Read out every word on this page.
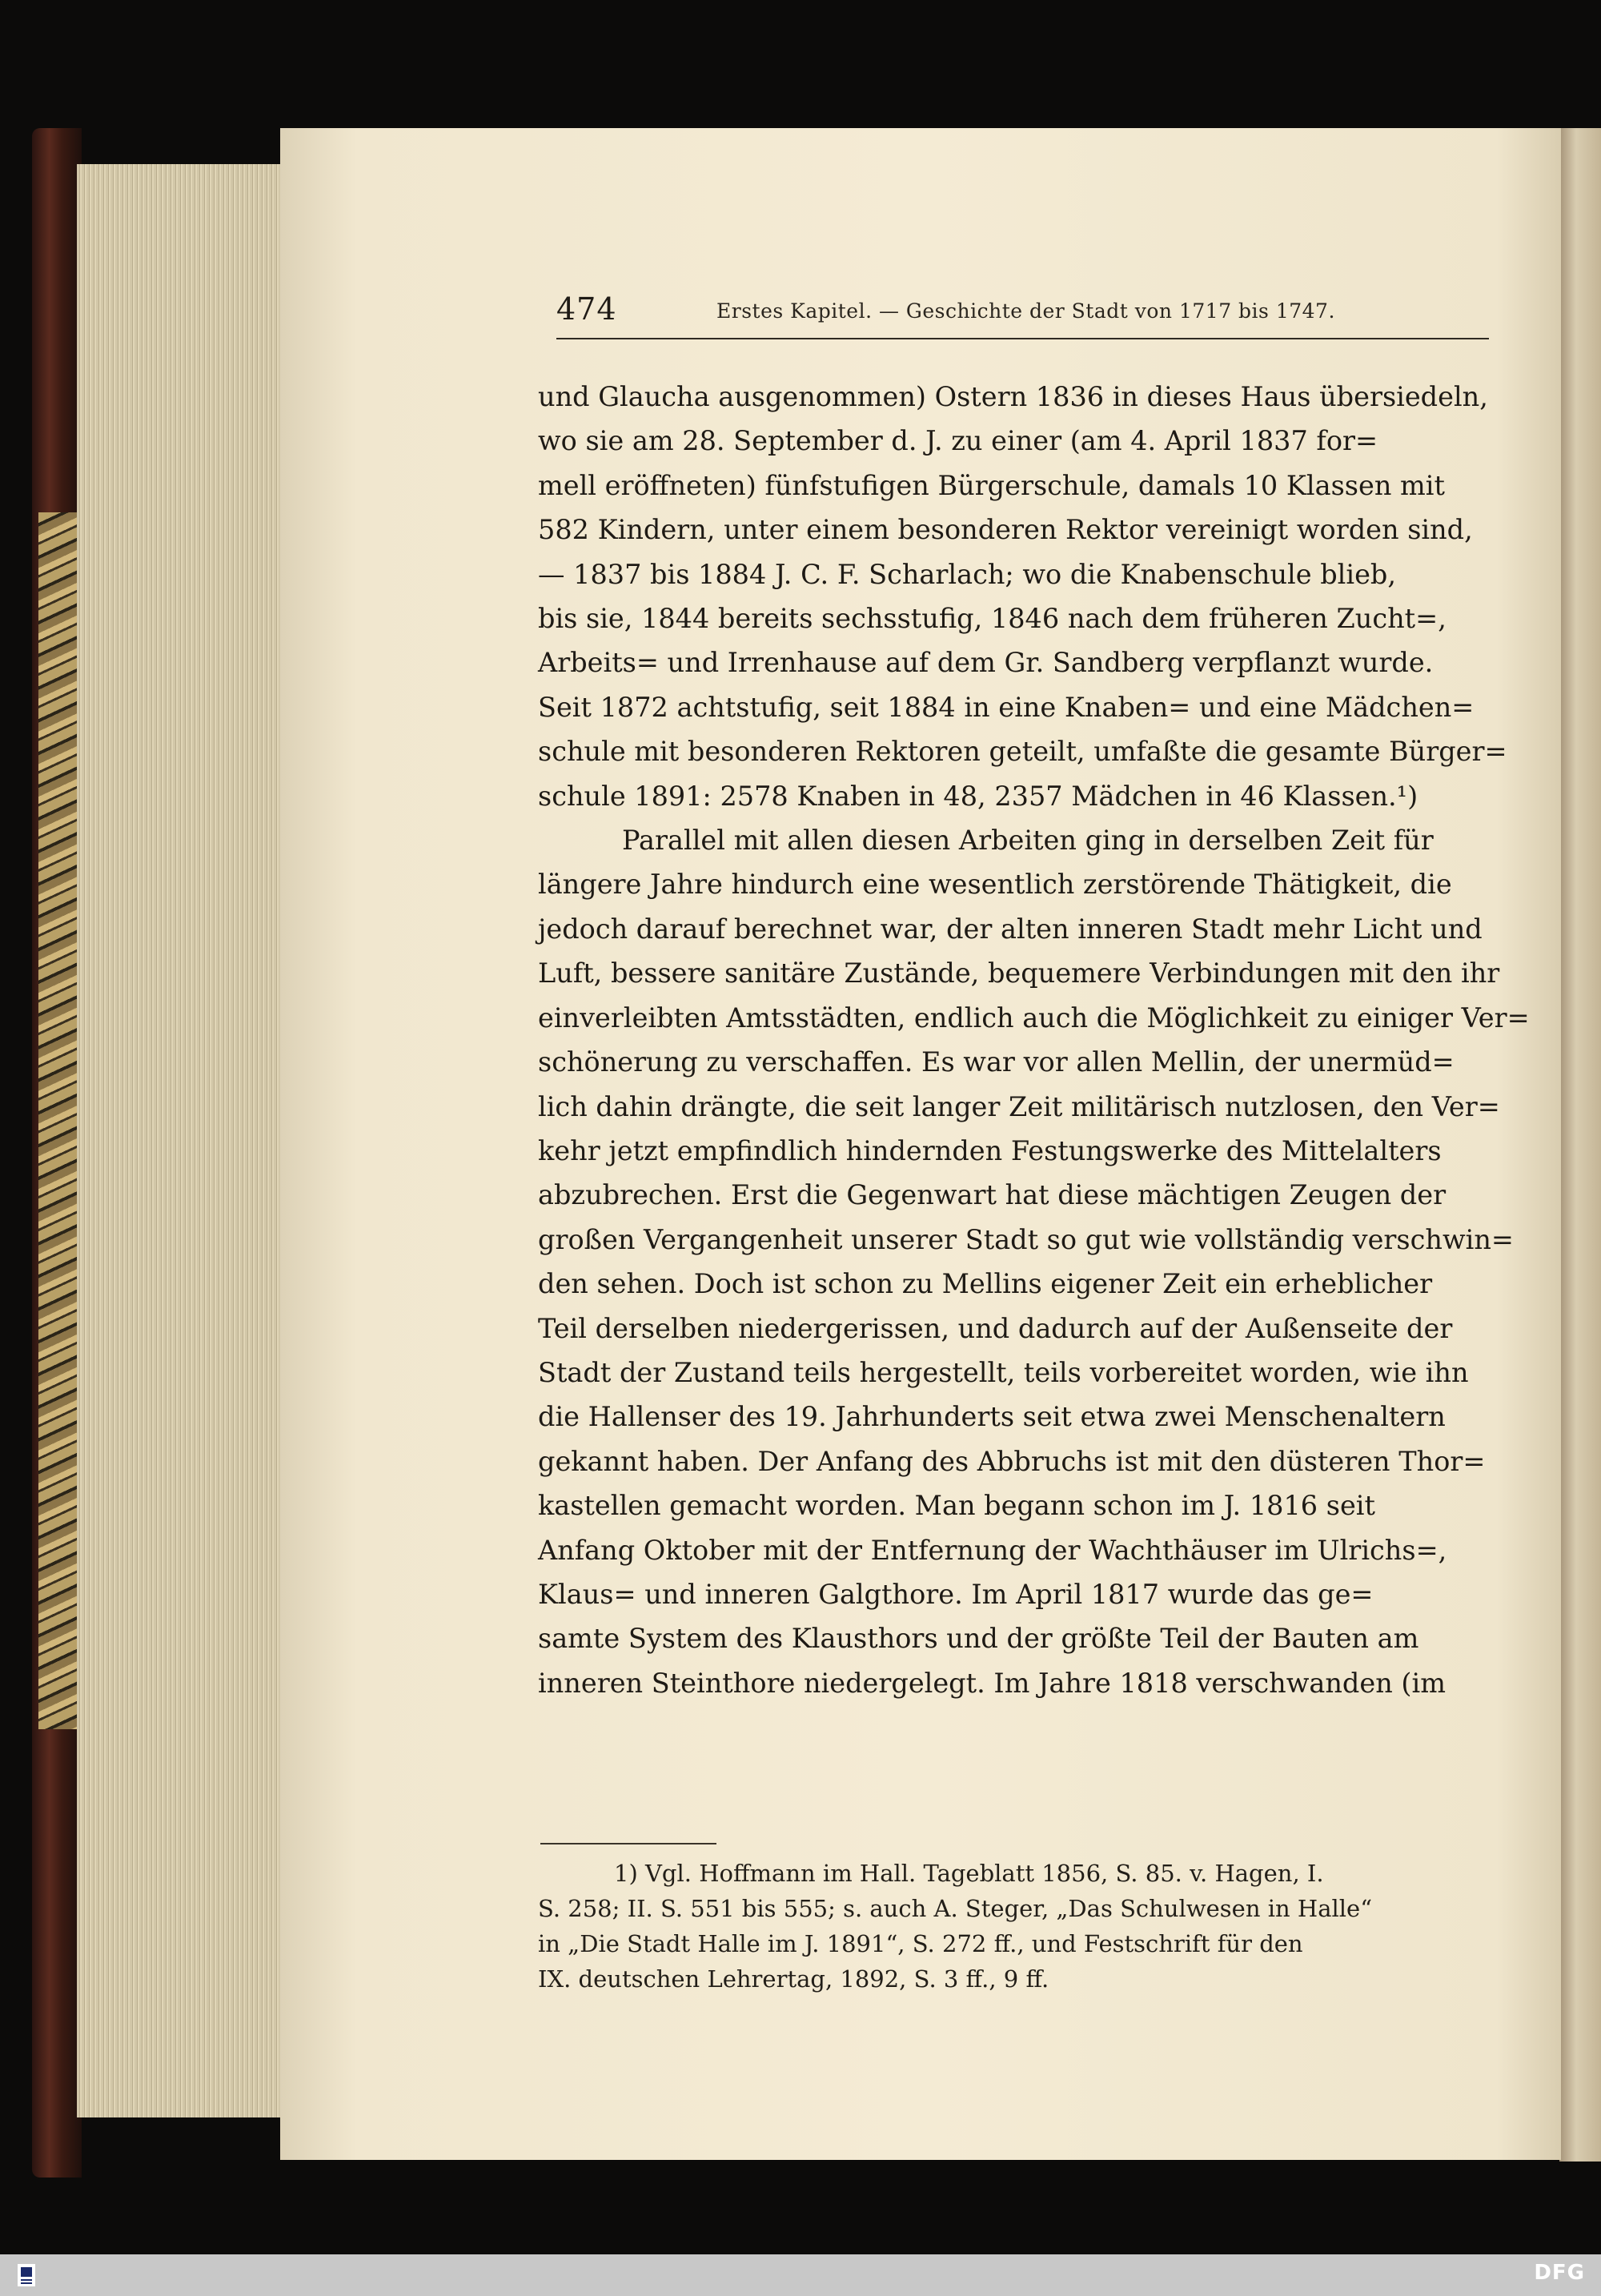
474	Erstes Kapitel. — Geschichte der Stadt von 1717 bis 1747.
und Glaucha ausgenommen) Ostern 1836 in dieses Haus übersiedeln,
wo sie am 28. September d. J. zu einer (am 4. April 1837 for=
mell eröffneten) fünfstufigen Bürgerschule, damals 10 Klassen mit
582 Kindern, unter einem besonderen Rektor vereinigt worden sind,
— 1837 bis 1884 J. C. F. Scharlach; wo die Knabenschule blieb,
bis sie, 1844 bereits sechsstufig, 1846 nach dem früheren Zucht=,
Arbeits= und Irrenhause auf dem Gr. Sandberg verpflanzt wurde.
Seit 1872 achtstufig, seit 1884 in eine Knaben= und eine Mädchen=
schule mit besonderen Rektoren geteilt, umfaßte die gesamte Bürger=
schule 1891: 2578 Knaben in 48, 2357 Mädchen in 46 Klassen.¹)
Parallel mit allen diesen Arbeiten ging in derselben Zeit für
längere Jahre hindurch eine wesentlich zerstörende Thätigkeit, die
jedoch darauf berechnet war, der alten inneren Stadt mehr Licht und
Luft, bessere sanitäre Zustände, bequemere Verbindungen mit den ihr
einverleibten Amtsstädten, endlich auch die Möglichkeit zu einiger Ver=
schönerung zu verschaffen. Es war vor allen Mellin, der unermüd=
lich dahin drängte, die seit langer Zeit militärisch nutzlosen, den Ver=
kehr jetzt empfindlich hindernden Festungswerke des Mittelalters
abzubrechen. Erst die Gegenwart hat diese mächtigen Zeugen der
großen Vergangenheit unserer Stadt so gut wie vollständig verschwin=
den sehen. Doch ist schon zu Mellins eigener Zeit ein erheblicher
Teil derselben niedergerissen, und dadurch auf der Außenseite der
Stadt der Zustand teils hergestellt, teils vorbereitet worden, wie ihn
die Hallenser des 19. Jahrhunderts seit etwa zwei Menschenaltern
gekannt haben. Der Anfang des Abbruchs ist mit den düsteren Thor=
kastellen gemacht worden. Man begann schon im J. 1816 seit
Anfang Oktober mit der Entfernung der Wachthäuser im Ulrichs=,
Klaus= und inneren Galgthore. Im April 1817 wurde das ge=
samte System des Klausthors und der größte Teil der Bauten am
inneren Steinthore niedergelegt. Im Jahre 1818 verschwanden (im
1) Vgl. Hoffmann im Hall. Tageblatt 1856, S. 85. v. Hagen, I.
S. 258; II. S. 551 bis 555; s. auch A. Steger, „Das Schulwesen in Halle“
in „Die Stadt Halle im J. 1891“, S. 272 ff., und Festschrift für den
IX. deutschen Lehrertag, 1892, S. 3 ff., 9 ff.
DFG
